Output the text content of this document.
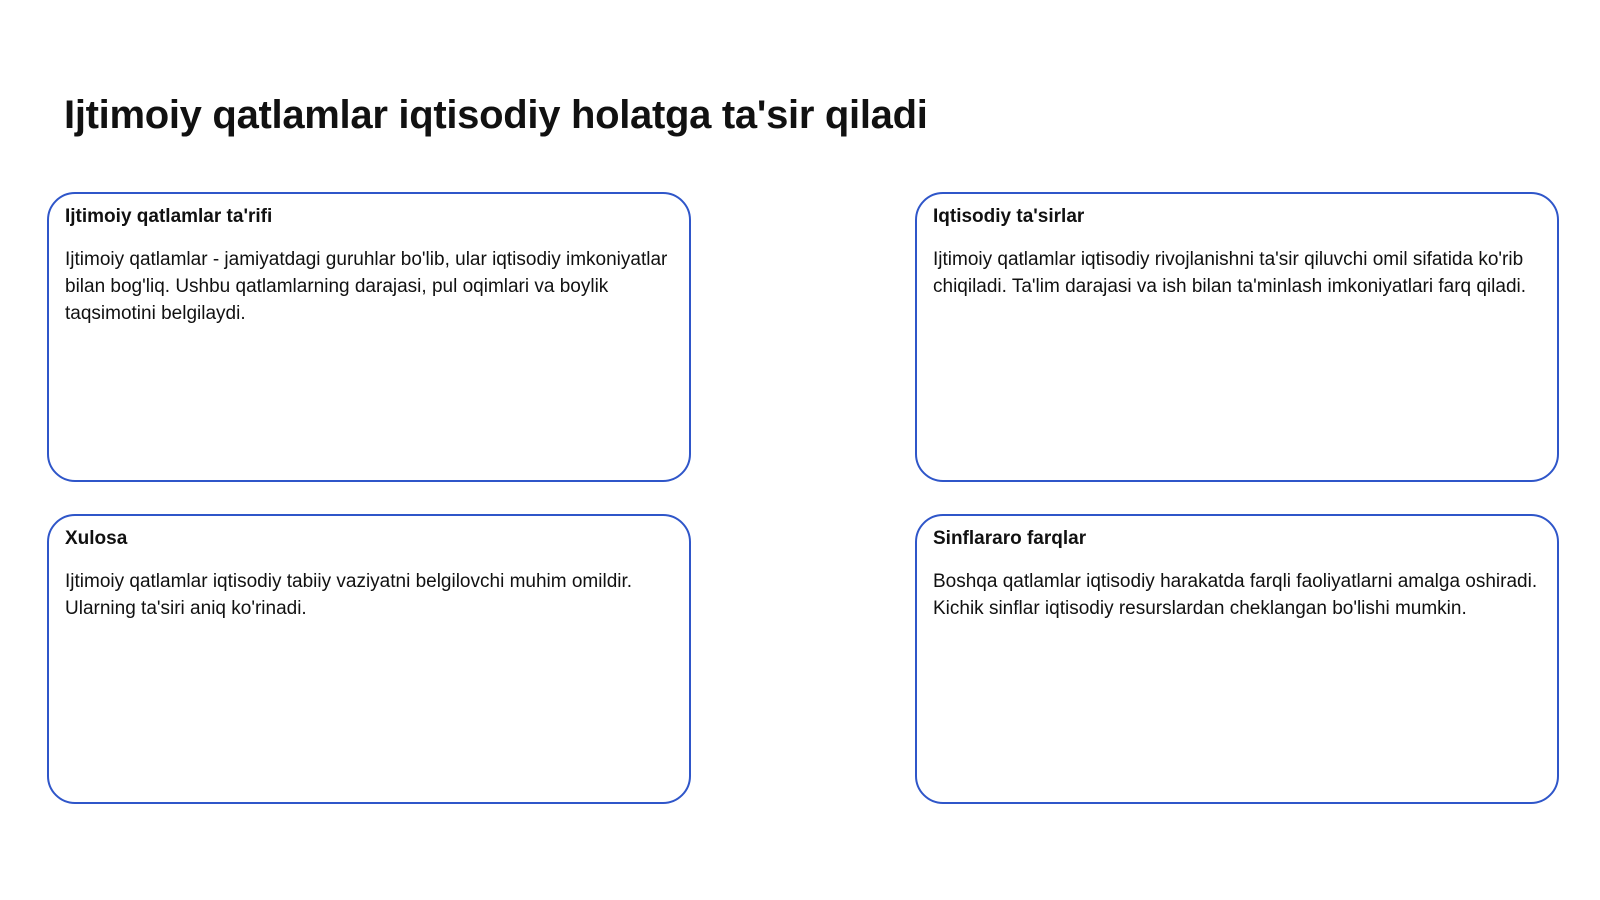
Ijtimoiy qatlamlar iqtisodiy holatga ta'sir qiladi
Ijtimoiy qatlamlar ta'rifi

Ijtimoiy qatlamlar - jamiyatdagi guruhlar bo'lib, ular iqtisodiy imkoniyatlar bilan bog'liq. Ushbu qatlamlarning darajasi, pul oqimlari va boylik taqsimotini belgilaydi.

Iqtisodiy ta'sirlar

Ijtimoiy qatlamlar iqtisodiy rivojlanishni ta'sir qiluvchi omil sifatida ko'rib chiqiladi. Ta'lim darajasi va ish bilan ta'minlash imkoniyatlari farq qiladi.

Xulosa

Ijtimoiy qatlamlar iqtisodiy tabiiy vaziyatni belgilovchi muhim omildir. Ularning ta'siri aniq ko'rinadi.

Sinflararo farqlar

Boshqa qatlamlar iqtisodiy harakatda farqli faoliyatlarni amalga oshiradi. Kichik sinflar iqtisodiy resurslardan cheklangan bo'lishi mumkin.
